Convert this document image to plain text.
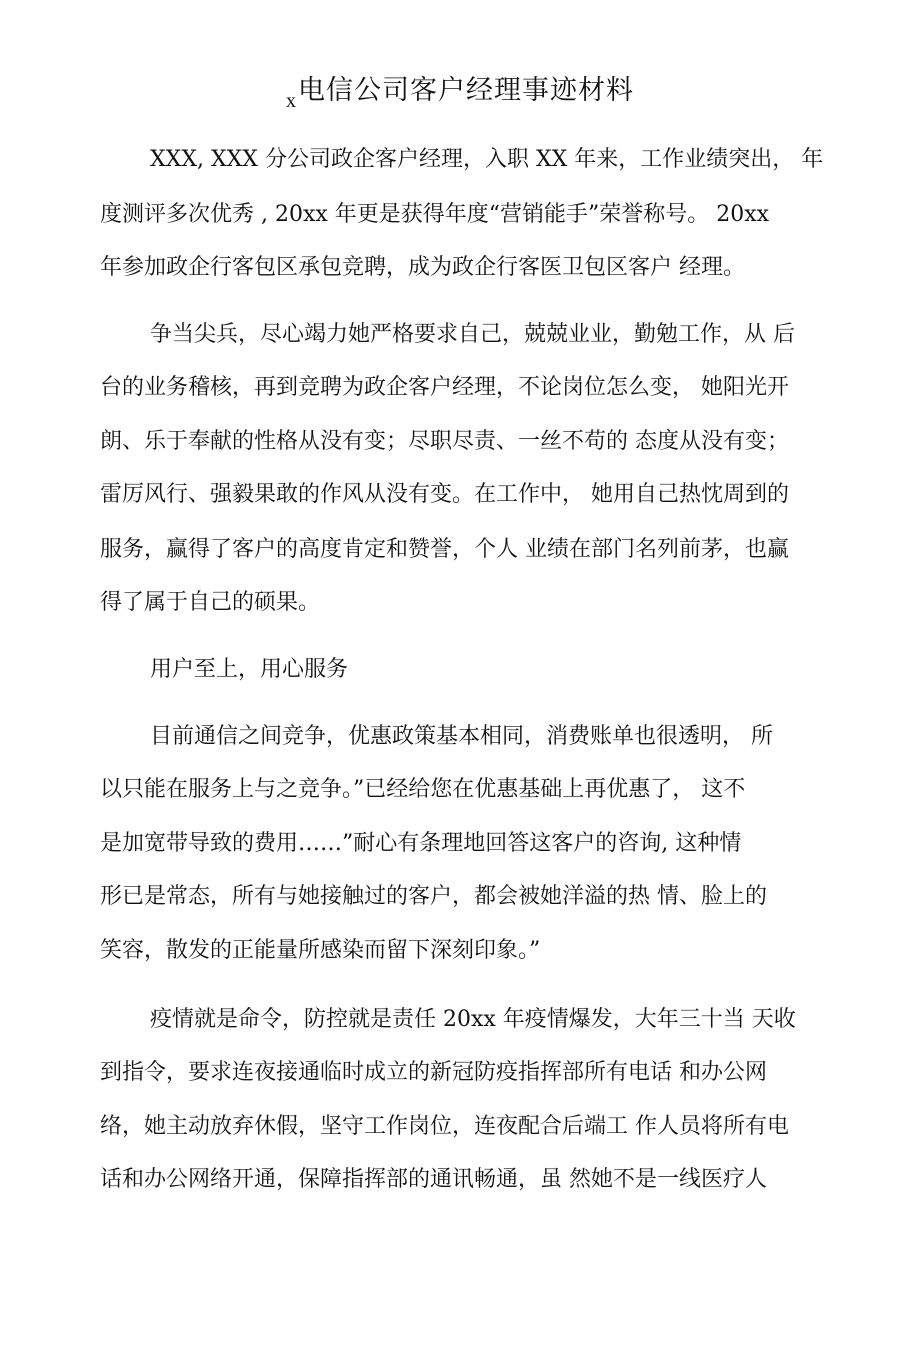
$_x$电信公司客户经理事迹材料
XXX, XXX 分公司政企客户经理，入职 XX 年来，工作业绩突出， 年
度测评多次优秀 , 20xx 年更是获得年度“营销能手”荣誉称号。 20xx
年参加政企行客包区承包竞聘，成为政企行客医卫包区客户 经理。
争当尖兵，尽心竭力她严格要求自己，兢兢业业，勤勉工作，从 后
台的业务稽核，再到竞聘为政企客户经理，不论岗位怎么变， 她阳光开
朗、乐于奉献的性格从没有变；尽职尽责、一丝不苟的 态度从没有变；
雷厉风行、强毅果敢的作风从没有变。在工作中， 她用自己热忱周到的
服务，赢得了客户的高度肯定和赞誉，个人 业绩在部门名列前茅，也赢
得了属于自己的硕果。
用户至上，用心服务
目前通信之间竞争，优惠政策基本相同，消费账单也很透明， 所
以只能在服务上与之竞争。”已经给您在优惠基础上再优惠了， 这不
是加宽带导致的费用……”耐心有条理地回答这客户的咨询, 这种情
形已是常态，所有与她接触过的客户，都会被她洋溢的热 情、脸上的
笑容，散发的正能量所感染而留下深刻印象。”
疫情就是命令，防控就是责任 20xx 年疫情爆发，大年三十当 天收
到指令，要求连夜接通临时成立的新冠防疫指挥部所有电话 和办公网
络，她主动放弃休假，坚守工作岗位，连夜配合后端工 作人员将所有电
话和办公网络开通，保障指挥部的通讯畅通，虽 然她不是一线医疗人
